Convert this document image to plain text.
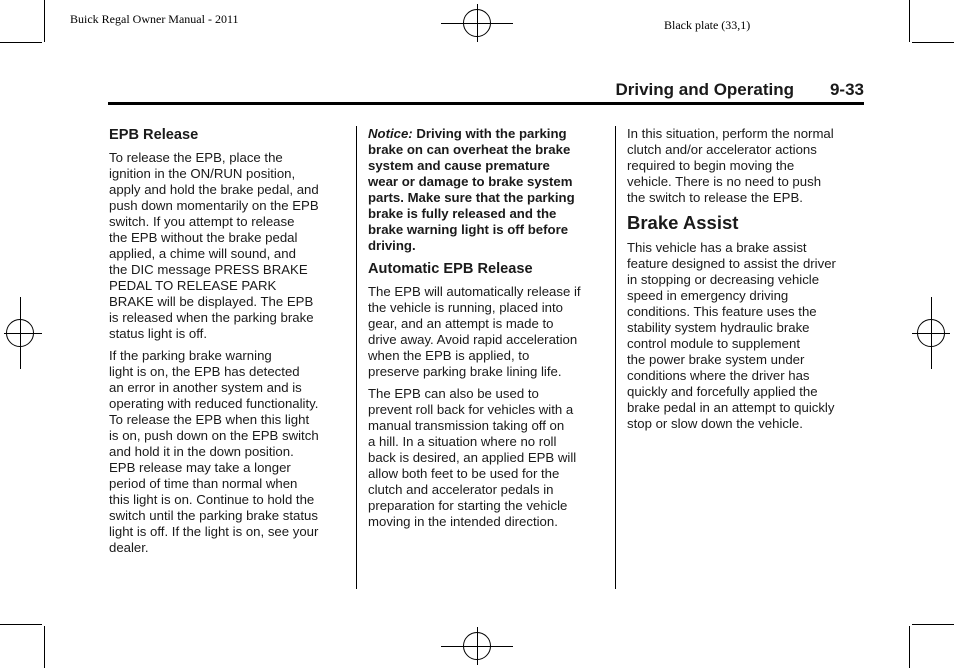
Buick Regal Owner Manual - 2011	Black plate (33,1)
Driving and Operating 9-33
EPB Release

To release the EPB, place the
ignition in the ON/RUN position,
apply and hold the brake pedal, and
push down momentarily on the EPB
switch. If you attempt to release
the EPB without the brake pedal
applied, a chime will sound, and
the DIC message PRESS BRAKE
PEDAL TO RELEASE PARK
BRAKE will be displayed. The EPB
is released when the parking brake
status light is off.

If the parking brake warning
light is on, the EPB has detected
an error in another system and is
operating with reduced functionality.
To release the EPB when this light
is on, push down on the EPB switch
and hold it in the down position.
EPB release may take a longer
period of time than normal when
this light is on. Continue to hold the
switch until the parking brake status
light is off. If the light is on, see your
dealer.

Notice: Driving with the parking
brake on can overheat the brake
system and cause premature
wear or damage to brake system
parts. Make sure that the parking
brake is fully released and the
brake warning light is off before
driving.

Automatic EPB Release

The EPB will automatically release if
the vehicle is running, placed into
gear, and an attempt is made to
drive away. Avoid rapid acceleration
when the EPB is applied, to
preserve parking brake lining life.

The EPB can also be used to
prevent roll back for vehicles with a
manual transmission taking off on
a hill. In a situation where no roll
back is desired, an applied EPB will
allow both feet to be used for the
clutch and accelerator pedals in
preparation for starting the vehicle
moving in the intended direction.

In this situation, perform the normal
clutch and/or accelerator actions
required to begin moving the
vehicle. There is no need to push
the switch to release the EPB.

Brake Assist

This vehicle has a brake assist
feature designed to assist the driver
in stopping or decreasing vehicle
speed in emergency driving
conditions. This feature uses the
stability system hydraulic brake
control module to supplement
the power brake system under
conditions where the driver has
quickly and forcefully applied the
brake pedal in an attempt to quickly
stop or slow down the vehicle.
